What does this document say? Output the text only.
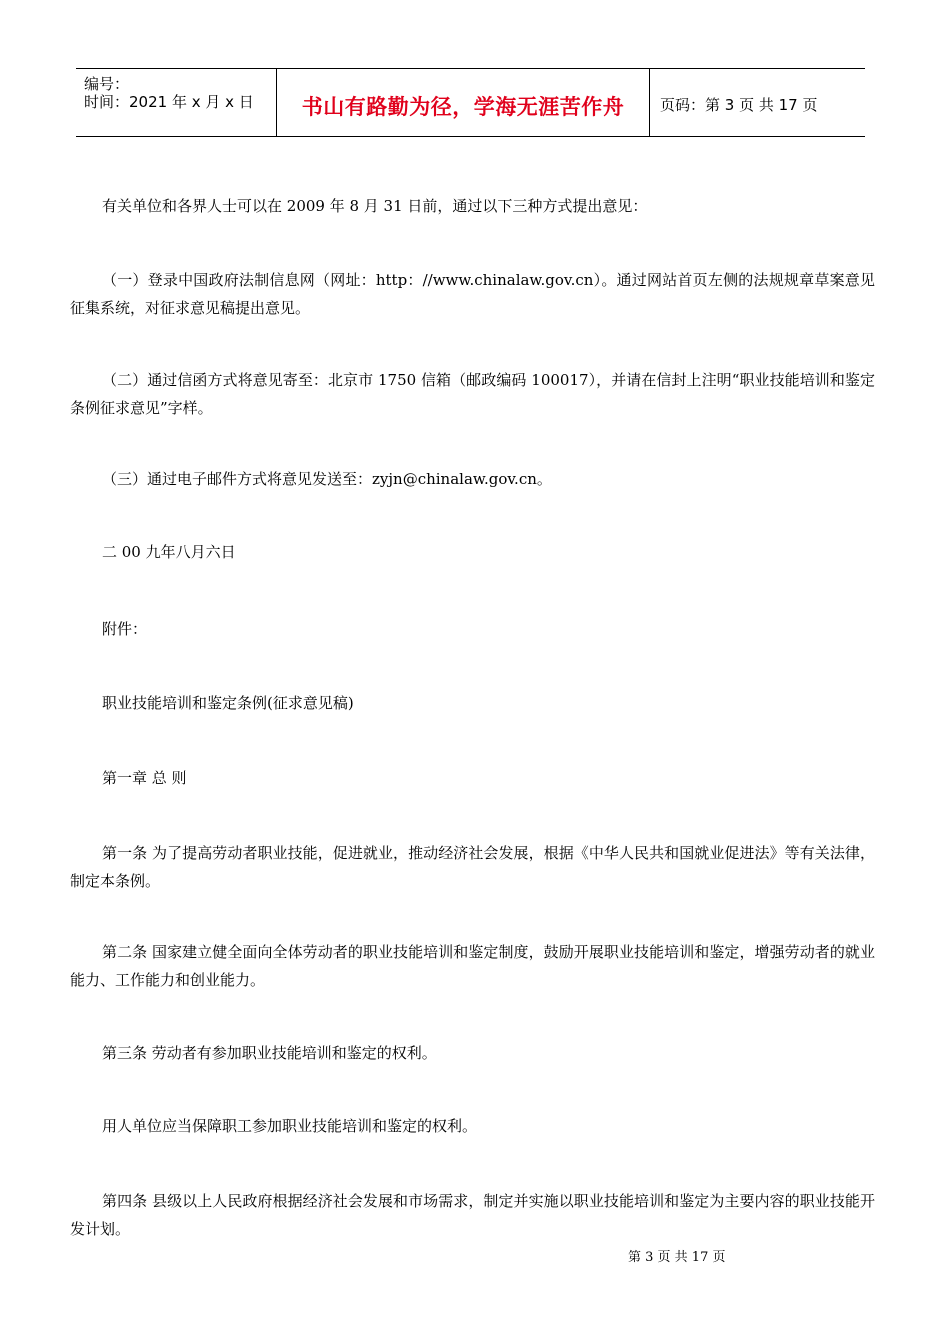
编号：
时间：2021 年 x 月 x 日	书山有路勤为径，学海无涯苦作舟	页码：第 3 页 共 17 页
有关单位和各界人士可以在 2009 年 8 月 31 日前，通过以下三种方式提出意见：
（一）登录中国政府法制信息网（网址：http：//www.chinalaw.gov.cn）。通过网站首页左侧的法规规章草案意见征集系统，对征求意见稿提出意见。
（二）通过信函方式将意见寄至：北京市 1750 信箱（邮政编码 100017），并请在信封上注明“职业技能培训和鉴定条例征求意见”字样。
（三）通过电子邮件方式将意见发送至：zyjn@chinalaw.gov.cn。
二 00 九年八月六日
附件：
职业技能培训和鉴定条例(征求意见稿)
第一章 总 则
第一条 为了提高劳动者职业技能，促进就业，推动经济社会发展，根据《中华人民共和国就业促进法》等有关法律，制定本条例。
第二条 国家建立健全面向全体劳动者的职业技能培训和鉴定制度，鼓励开展职业技能培训和鉴定，增强劳动者的就业能力、工作能力和创业能力。
第三条 劳动者有参加职业技能培训和鉴定的权利。
用人单位应当保障职工参加职业技能培训和鉴定的权利。
第四条 县级以上人民政府根据经济社会发展和市场需求，制定并实施以职业技能培训和鉴定为主要内容的职业技能开发计划。
第 3 页 共 17 页
